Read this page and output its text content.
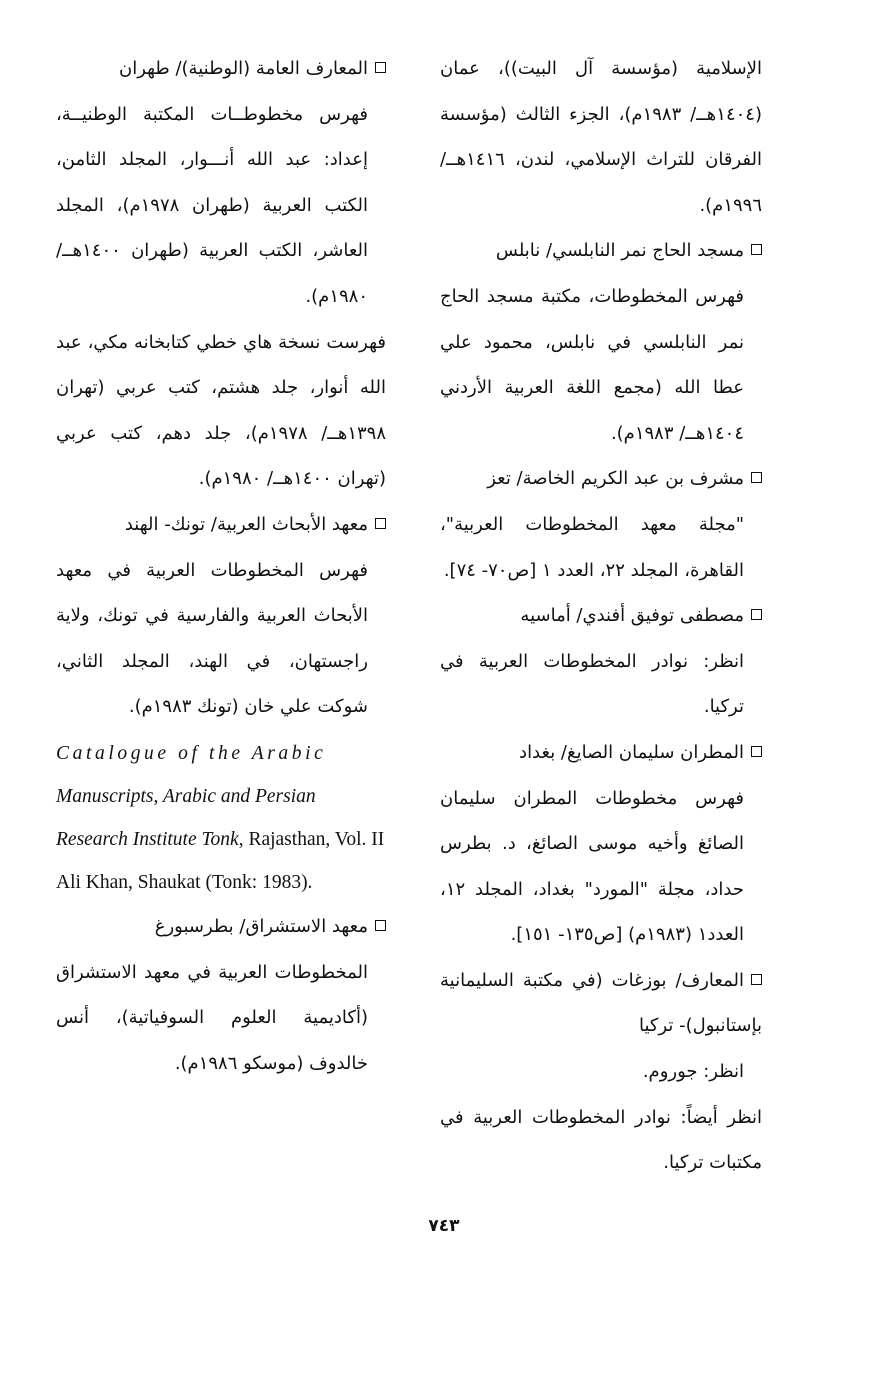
الإسلامية (مؤسسة آل البيت))، عمان (١٤٠٤هــ/ ١٩٨٣م)، الجزء الثالث (مؤسسة الفرقان للتراث الإسلامي، لندن، ١٤١٦هــ/ ١٩٩٦م).
مسجد الحاج نمر النابلسي/ نابلس
فهرس المخطوطات، مكتبة مسجد الحاج نمر النابلسي في نابلس، محمود علي عطا الله (مجمع اللغة العربية الأردني ١٤٠٤هــ/ ١٩٨٣م).
مشرف بن عبد الكريم الخاصة/ تعز
"مجلة معهد المخطوطات العربية"، القاهرة، المجلد ٢٢، العدد ١ [ص٧٠- ٧٤].
مصطفى توفيق أفندي/ أماسيه
انظر: نوادر المخطوطات العربية في تركيا.
المطران سليمان الصايغ/ بغداد
فهرس مخطوطات المطران سليمان الصائغ وأخيه موسى الصائغ، د. بطرس حداد، مجلة "المورد" بغداد، المجلد ١٢، العدد١ (١٩٨٣م) [ص١٣٥- ١٥١].
المعارف/ بوزغات (في مكتبة السليمانية بإستانبول)- تركيا
انظر: جوروم.
انظر أيضاً: نوادر المخطوطات العربية في مكتبات تركيا.
المعارف العامة (الوطنية)/ طهران
فهرس مخطوطــات المكتبة الوطنيــة، إعداد: عبد الله أنـــوار، المجلد الثامن، الكتب العربية (طهران ١٩٧٨م)، المجلد العاشر، الكتب العربية (طهران ١٤٠٠هــ/ ١٩٨٠م).
فهرست نسخة هاي خطي كتابخانه مكي، عبد الله أنوار، جلد هشتم، كتب عربي (تهران ١٣٩٨هــ/ ١٩٧٨م)، جلد دهم، كتب عربي (تهران ١٤٠٠هــ/ ١٩٨٠م).
معهد الأبحاث العربية/ تونك- الهند
فهرس المخطوطات العربية في معهد الأبحاث العربية والفارسية في تونك، ولاية راجستهان، في الهند، المجلد الثاني، شوكت علي خان (تونك ١٩٨٣م).
Catalogue of the Arabic Manuscripts, Arabic and Persian Research Institute Tonk, Rajasthan, Vol. II Ali Khan, Shaukat (Tonk: 1983).
معهد الاستشراق/ بطرسبورغ
المخطوطات العربية في معهد الاستشراق (أكاديمية العلوم السوفياتية)، أنس خالدوف (موسكو ١٩٨٦م).
٧٤٣
